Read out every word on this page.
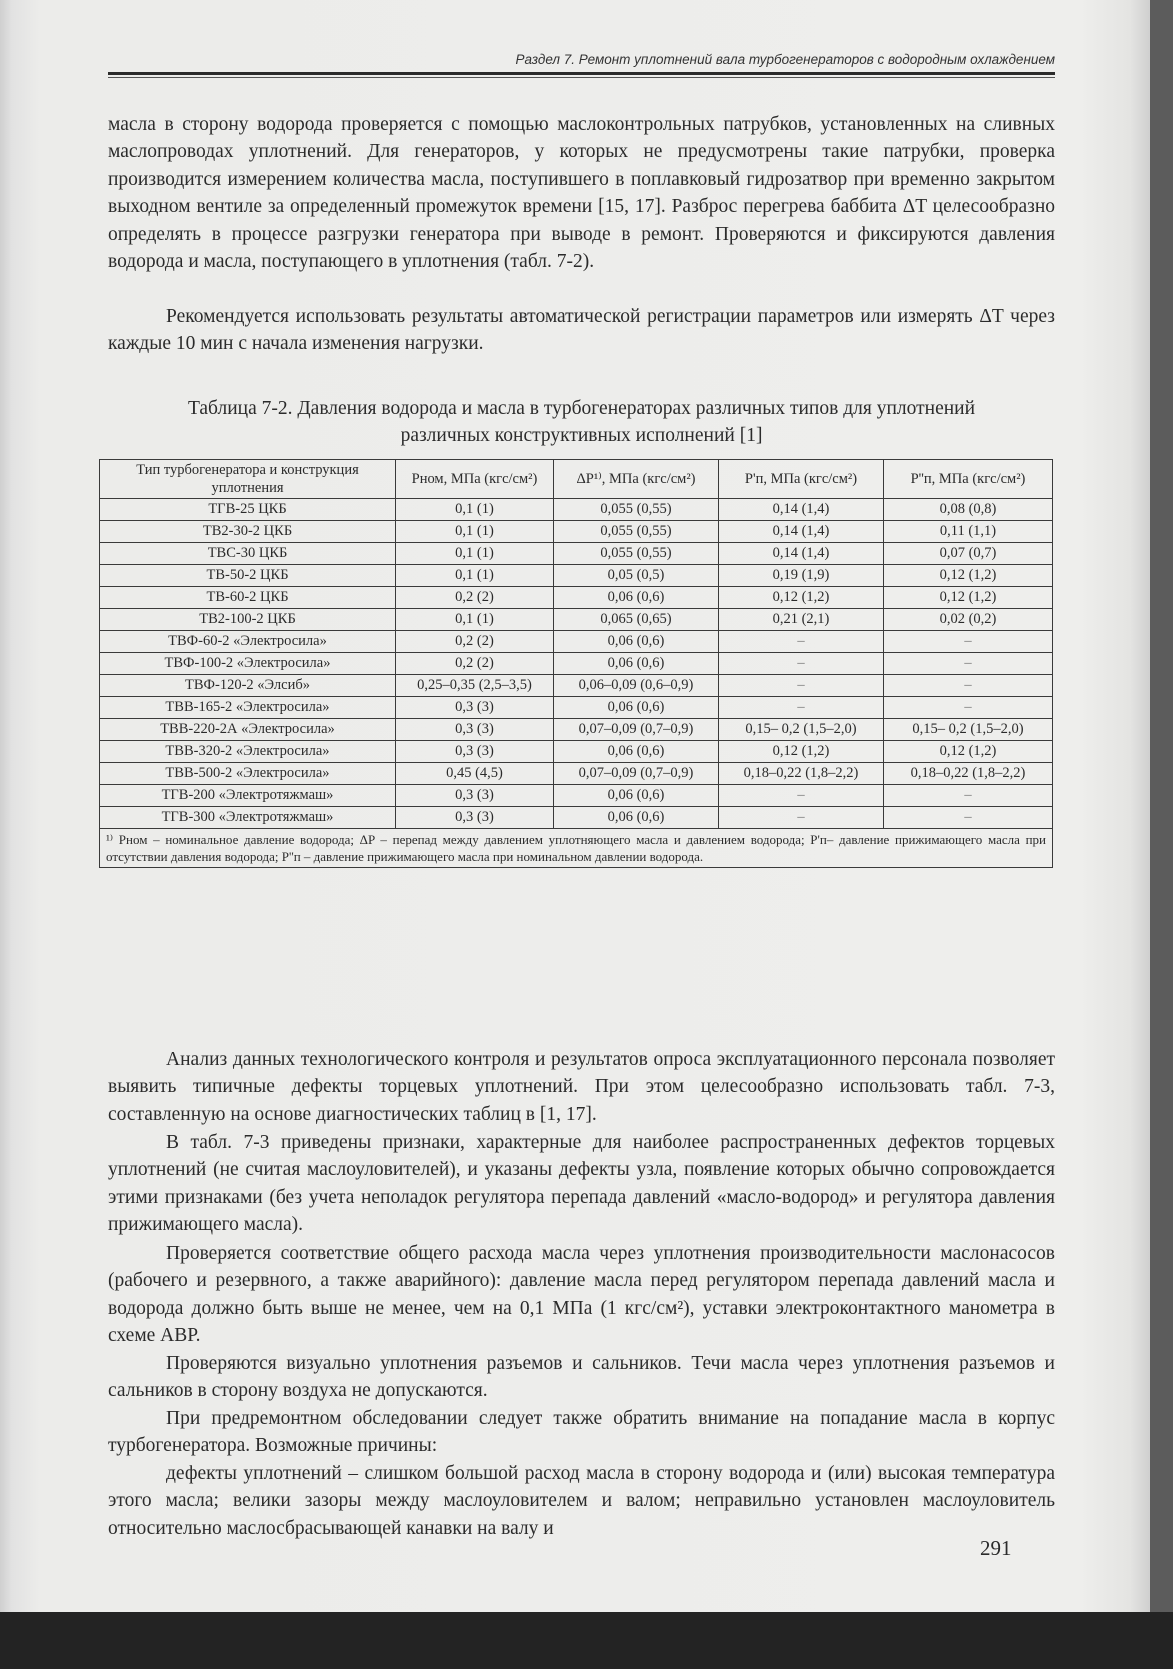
Раздел 7. Ремонт уплотнений вала турбогенераторов с водородным охлаждением

масла в сторону водорода проверяется с помощью маслоконтрольных патрубков, установленных на сливных маслопроводах уплотнений. Для генераторов, у которых не предусмотрены такие патрубки, проверка производится измерением количества масла, поступившего в поплавковый гидрозатвор при временно закрытом выходном вентиле за определенный промежуток времени [15, 17]. Разброс перегрева баббита ΔT целесообразно определять в процессе разгрузки генератора при выводе в ремонт. Проверяются и фиксируются давления водорода и масла, поступающего в уплотнения (табл. 7-2).

Рекомендуется использовать результаты автоматической регистрации параметров или измерять ΔT через каждые 10 мин с начала изменения нагрузки.

Таблица 7-2. Давления водорода и масла в турбогенераторах различных типов для уплотнений различных конструктивных исполнений [1]

Тип турбогенератора и конструкция уплотнения	Pном, МПа (кгс/см²)	ΔP¹⁾, МПа (кгс/см²)	P'п, МПа (кгс/см²)	P''п, МПа (кгс/см²)
ТГВ-25 ЦКБ	0,1 (1)	0,055 (0,55)	0,14 (1,4)	0,08 (0,8)
ТВ2-30-2 ЦКБ	0,1 (1)	0,055 (0,55)	0,14 (1,4)	0,11 (1,1)
ТВС-30 ЦКБ	0,1 (1)	0,055 (0,55)	0,14 (1,4)	0,07 (0,7)
ТВ-50-2 ЦКБ	0,1 (1)	0,05 (0,5)	0,19 (1,9)	0,12 (1,2)
ТВ-60-2 ЦКБ	0,2 (2)	0,06 (0,6)	0,12 (1,2)	0,12 (1,2)
ТВ2-100-2 ЦКБ	0,1 (1)	0,065 (0,65)	0,21 (2,1)	0,02 (0,2)
ТВФ-60-2 «Электросила»	0,2 (2)	0,06 (0,6)	–	–
ТВФ-100-2 «Электросила»	0,2 (2)	0,06 (0,6)	–	–
ТВФ-120-2 «Элсиб»	0,25–0,35 (2,5–3,5)	0,06–0,09 (0,6–0,9)	–	–
ТВВ-165-2 «Электросила»	0,3 (3)	0,06 (0,6)	–	–
ТВВ-220-2А «Электросила»	0,3 (3)	0,07–0,09 (0,7–0,9)	0,15– 0,2 (1,5–2,0)	0,15– 0,2 (1,5–2,0)
ТВВ-320-2 «Электросила»	0,3 (3)	0,06 (0,6)	0,12 (1,2)	0,12 (1,2)
ТВВ-500-2 «Электросила»	0,45 (4,5)	0,07–0,09 (0,7–0,9)	0,18–0,22 (1,8–2,2)	0,18–0,22 (1,8–2,2)
ТГВ-200 «Электротяжмаш»	0,3 (3)	0,06 (0,6)	–	–
ТГВ-300 «Электротяжмаш»	0,3 (3)	0,06 (0,6)	–	–
¹⁾ Pном – номинальное давление водорода; ΔP – перепад между давлением уплотняющего масла и давлением водорода; P'п– давление прижимающего масла при отсутствии давления водорода; P''п – давление прижимающего масла при номинальном давлении водорода.				

Анализ данных технологического контроля и результатов опроса эксплуатационного персонала позволяет выявить типичные дефекты торцевых уплотнений. При этом целесообразно использовать табл. 7-3, составленную на основе диагностических таблиц в [1, 17].

В табл. 7-3 приведены признаки, характерные для наиболее распространенных дефектов торцевых уплотнений (не считая маслоуловителей), и указаны дефекты узла, появление которых обычно сопровождается этими признаками (без учета неполадок регулятора перепада давлений «масло-водород» и регулятора давления прижимающего масла).

Проверяется соответствие общего расхода масла через уплотнения производительности маслонасосов (рабочего и резервного, а также аварийного): давление масла перед регулятором перепада давлений масла и водорода должно быть выше не менее, чем на 0,1 МПа (1 кгс/см²), уставки электроконтактного манометра в схеме АВР.

Проверяются визуально уплотнения разъемов и сальников. Течи масла через уплотнения разъемов и сальников в сторону воздуха не допускаются.

При предремонтном обследовании следует также обратить внимание на попадание масла в корпус турбогенератора. Возможные причины:

дефекты уплотнений – слишком большой расход масла в сторону водорода и (или) высокая температура этого масла; велики зазоры между маслоуловителем и валом; неправильно установлен маслоуловитель относительно маслосбрасывающей канавки на валу и

291
